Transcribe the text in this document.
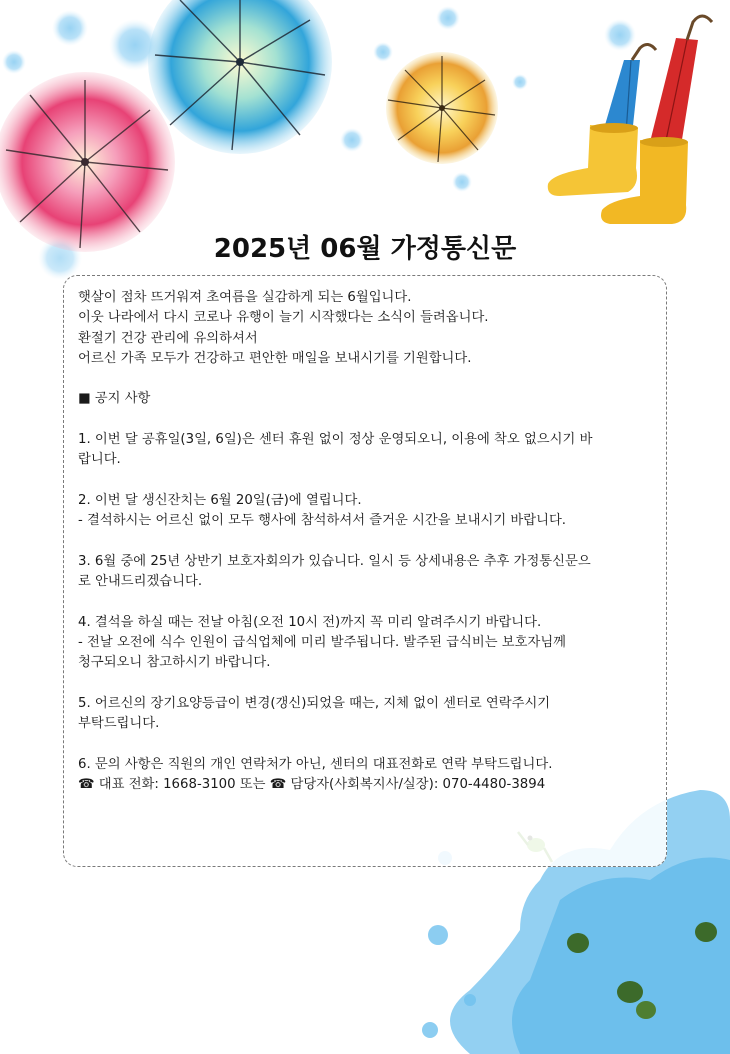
2025년 06월 가정통신문
햇살이 점차 뜨거워져 초여름을 실감하게 되는 6월입니다.
이웃 나라에서 다시 코로나 유행이 늘기 시작했다는 소식이 들려옵니다.
환절기 건강 관리에 유의하셔서
어르신 가족 모두가 건강하고 편안한 매일을 보내시기를 기원합니다.
■ 공지 사항
1. 이번 달 공휴일(3일, 6일)은 센터 휴원 없이 정상 운영되오니, 이용에 착오 없으시기 바
랍니다.
2. 이번 달 생신잔치는 6월 20일(금)에 열립니다.
- 결석하시는 어르신 없이 모두 행사에 참석하셔서 즐거운 시간을 보내시기 바랍니다.
3. 6월 중에 25년 상반기 보호자회의가 있습니다. 일시 등 상세내용은 추후 가정통신문으
로 안내드리겠습니다.
4. 결석을 하실 때는 전날 아침(오전 10시 전)까지 꼭 미리 알려주시기 바랍니다.
- 전날 오전에 식수 인원이 급식업체에 미리 발주됩니다. 발주된 급식비는 보호자님께
청구되오니 참고하시기 바랍니다.
5. 어르신의 장기요양등급이 변경(갱신)되었을 때는, 지체 없이 센터로 연락주시기
부탁드립니다.
6. 문의 사항은 직원의 개인 연락처가 아닌, 센터의 대표전화로 연락 부탁드립니다.
☎ 대표 전화: 1668-3100 또는 ☎ 담당자(사회복지사/실장): 070-4480-3894
